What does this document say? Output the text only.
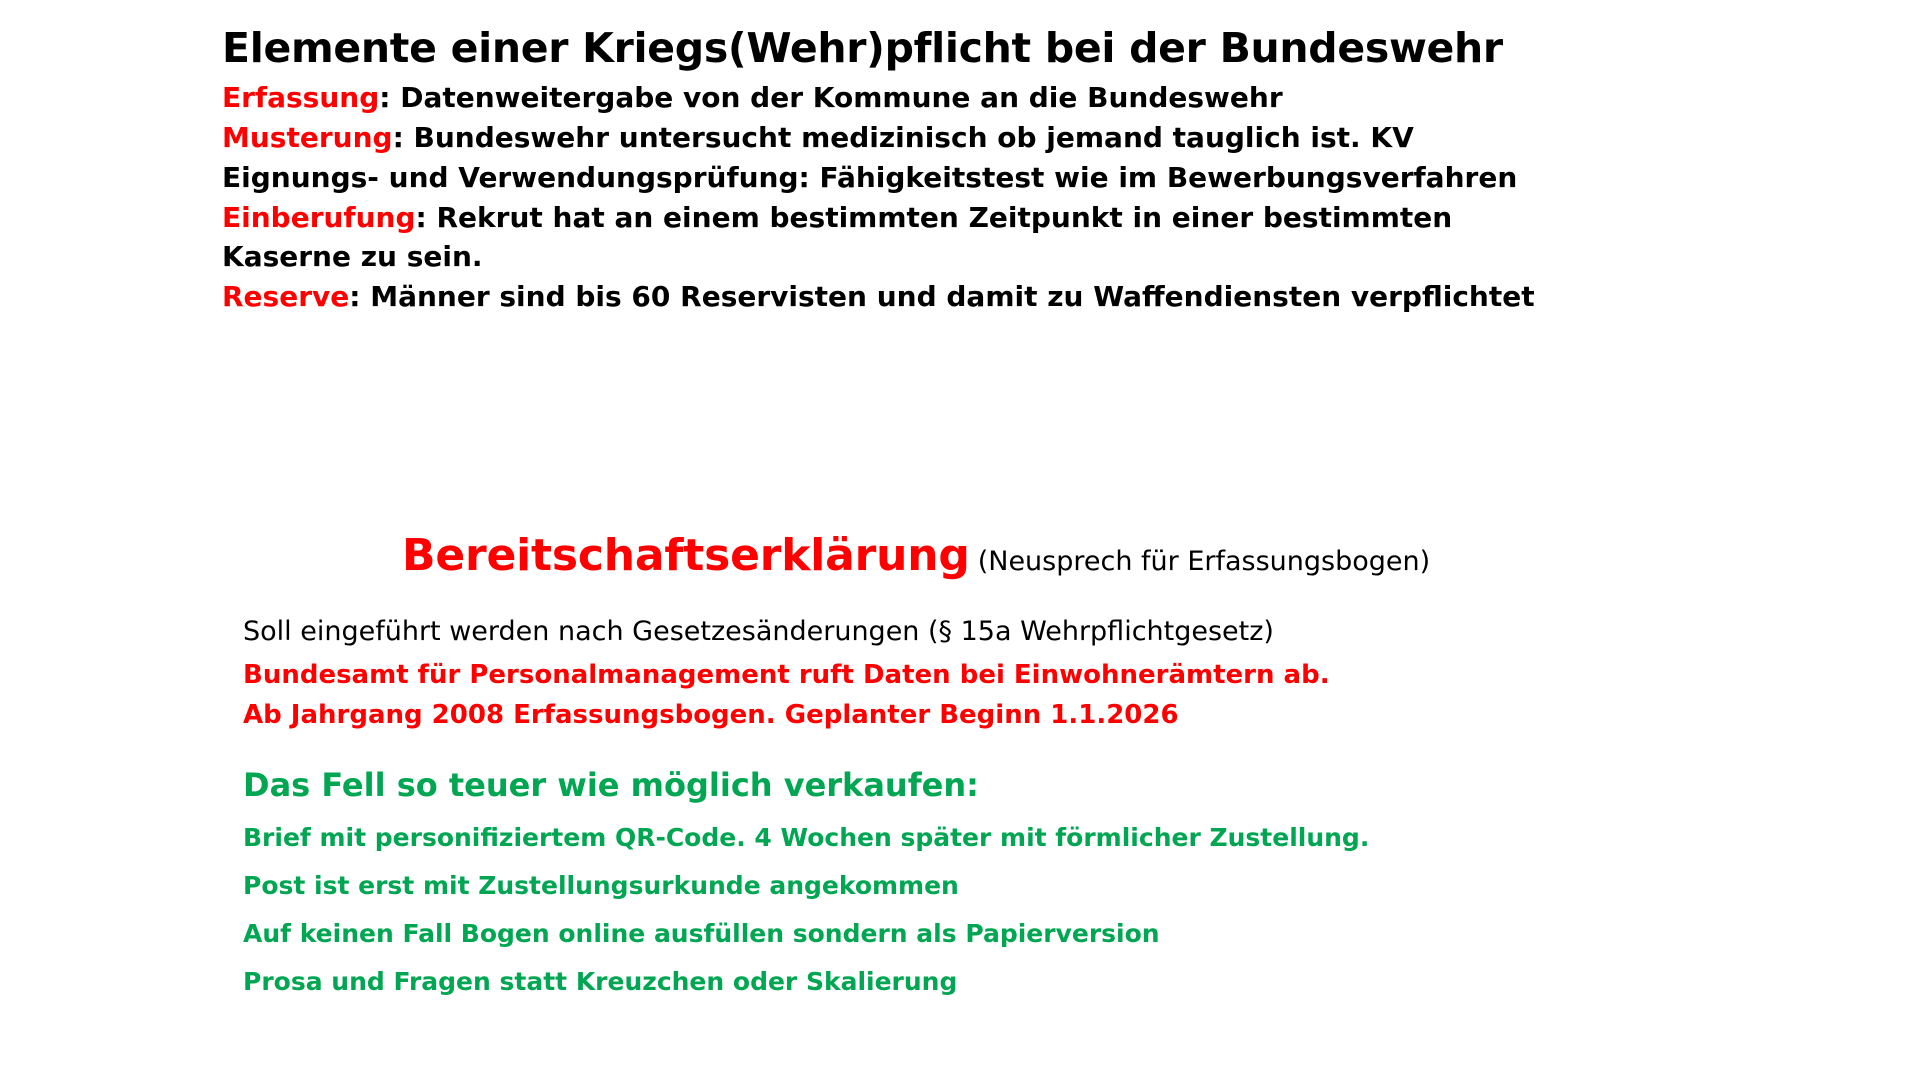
Elemente einer Kriegs(Wehr)pflicht bei der Bundeswehr

Erfassung: Datenweitergabe von der Kommune an die Bundeswehr

Musterung: Bundeswehr untersucht medizinisch ob jemand tauglich ist. KV

Eignungs- und Verwendungsprüfung: Fähigkeitstest wie im Bewerbungsverfahren

Einberufung: Rekrut hat an einem bestimmten Zeitpunkt in einer bestimmten

Kaserne zu sein.

Reserve: Männer sind bis 60 Reservisten und damit zu Waffendiensten verpflichtet

Bereitschaftserklärung (Neusprech für Erfassungsbogen)

Soll eingeführt werden nach Gesetzesänderungen (§ 15a Wehrpflichtgesetz)

Bundesamt für Personalmanagement ruft Daten bei Einwohnerämtern ab.

Ab Jahrgang 2008 Erfassungsbogen. Geplanter Beginn 1.1.2026

Das Fell so teuer wie möglich verkaufen:

Brief mit personifiziertem QR-Code. 4 Wochen später mit förmlicher Zustellung.

Post ist erst mit Zustellungsurkunde angekommen

Auf keinen Fall Bogen online ausfüllen sondern als Papierversion

Prosa und Fragen statt Kreuzchen oder Skalierung
